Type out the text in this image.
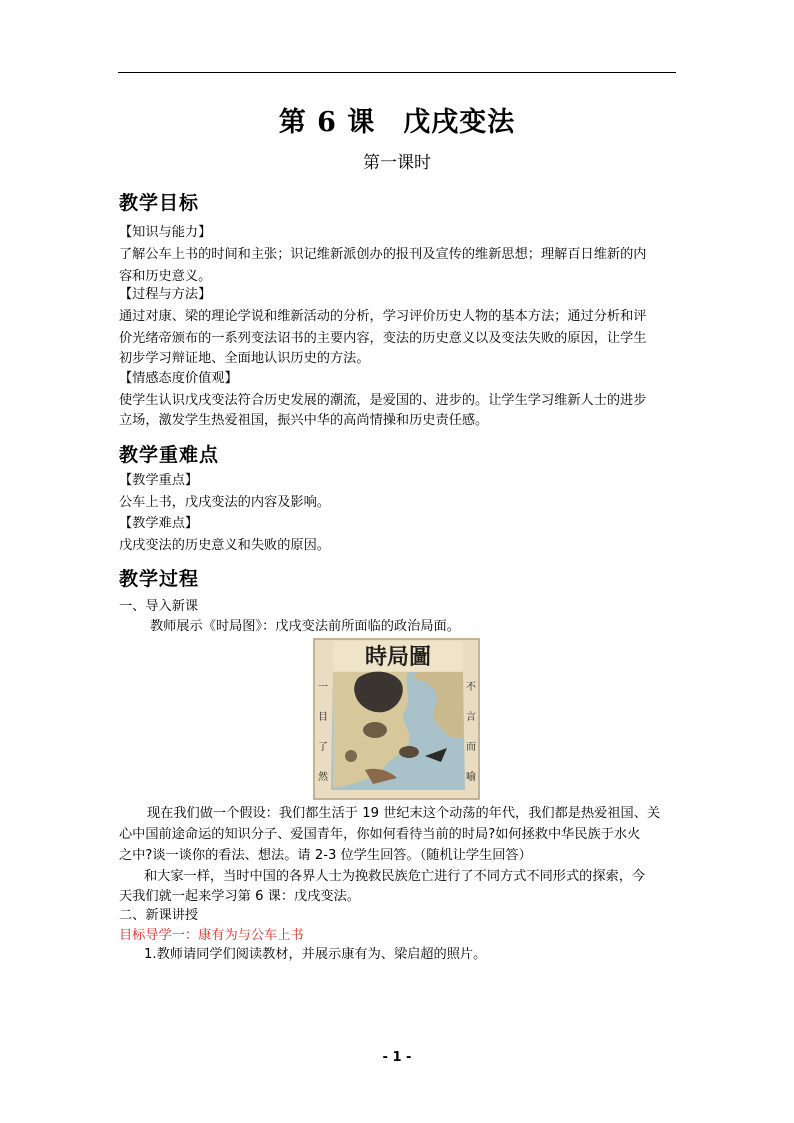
第 6 课　戊戌变法
第一课时
教学目标
【知识与能力】
了解公车上书的时间和主张；识记维新派创办的报刊及宣传的维新思想；理解百日维新的内
容和历史意义。
【过程与方法】
通过对康、梁的理论学说和维新活动的分析，学习评价历史人物的基本方法；通过分析和评
价光绪帝颁布的一系列变法诏书的主要内容，变法的历史意义以及变法失败的原因，让学生
初步学习辩证地、全面地认识历史的方法。
【情感态度价值观】
使学生认识戊戌变法符合历史发展的潮流，是爱国的、进步的。让学生学习维新人士的进步
立场，激发学生热爱祖国，振兴中华的高尚情操和历史责任感。
教学重难点
【教学重点】
公车上书，戊戌变法的内容及影响。
【教学难点】
戊戌变法的历史意义和失败的原因。
教学过程
一、导入新课
教师展示《时局图》：戊戌变法前所面临的政治局面。
時局圖
一
目
了
然
不
言
而
喻
现在我们做一个假设：我们都生活于 19 世纪末这个动荡的年代，我们都是热爱祖国、关
心中国前途命运的知识分子、爱国青年，你如何看待当前的时局?如何拯救中华民族于水火
之中?谈一谈你的看法、想法。请 2-3 位学生回答。（随机让学生回答）
和大家一样，当时中国的各界人士为挽救民族危亡进行了不同方式不同形式的探索，今
天我们就一起来学习第 6 课：戊戌变法。
二、新课讲授
目标导学一：康有为与公车上书
1.教师请同学们阅读教材，并展示康有为、梁启超的照片。
- 1 -
